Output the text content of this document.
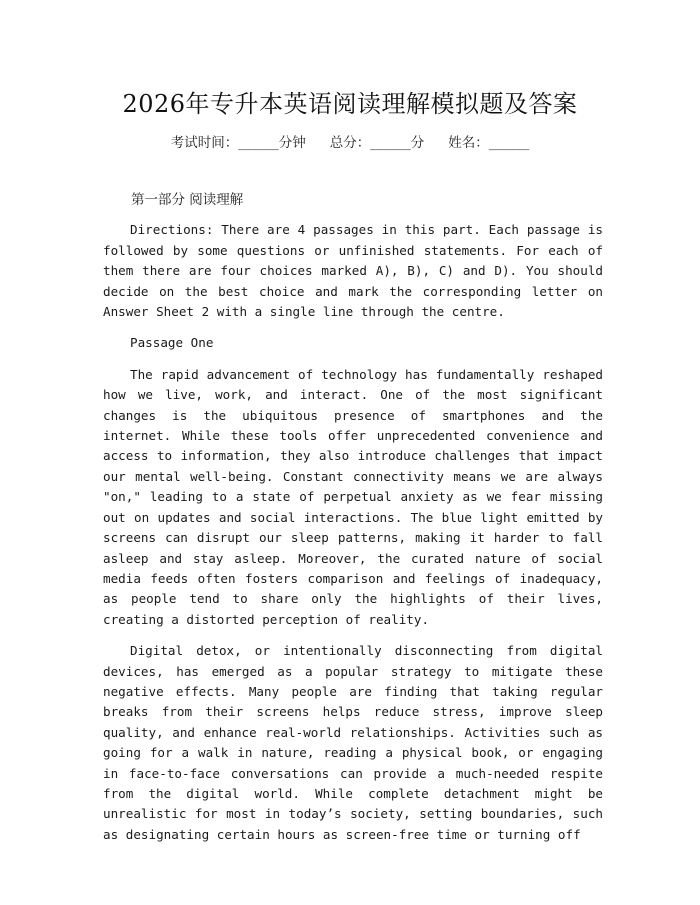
2026年专升本英语阅读理解模拟题及答案
考试时间：______分钟 总分：______分 姓名：______

第一部分 阅读理解

Directions: There are 4 passages in this part. Each passage is followed by some questions or unfinished statements. For each of them there are four choices marked A), B), C) and D). You should decide on the best choice and mark the corresponding letter on Answer Sheet 2 with a single line through the centre.

Passage One

The rapid advancement of technology has fundamentally reshaped how we live, work, and interact. One of the most significant changes is the ubiquitous presence of smartphones and the internet. While these tools offer unprecedented convenience and access to information, they also introduce challenges that impact our mental well-being. Constant connectivity means we are always "on," leading to a state of perpetual anxiety as we fear missing out on updates and social interactions. The blue light emitted by screens can disrupt our sleep patterns, making it harder to fall asleep and stay asleep. Moreover, the curated nature of social media feeds often fosters comparison and feelings of inadequacy, as people tend to share only the highlights of their lives, creating a distorted perception of reality.

Digital detox, or intentionally disconnecting from digital devices, has emerged as a popular strategy to mitigate these negative effects. Many people are finding that taking regular breaks from their screens helps reduce stress, improve sleep quality, and enhance real-world relationships. Activities such as going for a walk in nature, reading a physical book, or engaging in face-to-face conversations can provide a much-needed respite from the digital world. While complete detachment might be unrealistic for most in today’s society, setting boundaries, such as designating certain hours as screen-free time or turning off
